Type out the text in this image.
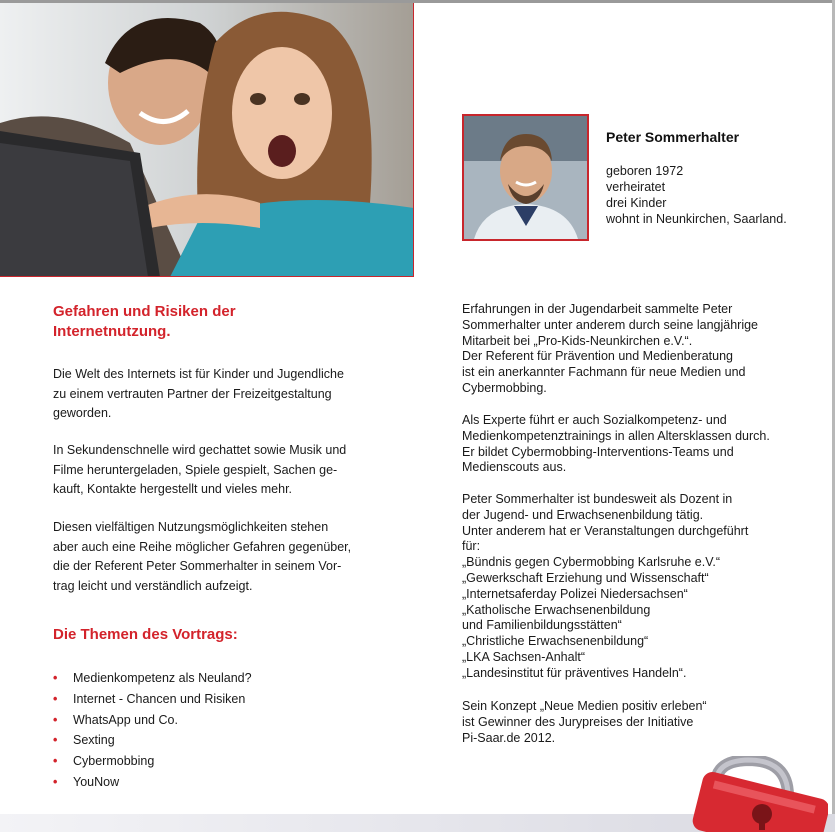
Peter Sommerhalter
geboren 1972
verheiratet
drei Kinder
wohnt in Neunkirchen, Saarland.
Gefahren und Risiken der
Internetnutzung.
Die Welt des Internets ist für Kinder und Jugendliche
zu einem vertrauten Partner der Freizeitgestaltung
geworden.
In Sekundenschnelle wird gechattet sowie Musik und
Filme heruntergeladen, Spiele gespielt, Sachen ge-
kauft, Kontakte hergestellt und vieles mehr.
Diesen vielfältigen Nutzungsmöglichkeiten stehen
aber auch eine Reihe möglicher Gefahren gegenüber,
die der Referent Peter Sommerhalter in seinem Vor-
trag leicht und verständlich aufzeigt.
Die Themen des Vortrags:
• Medienkompetenz als Neuland?
• Internet - Chancen und Risiken
• WhatsApp und Co.
• Sexting
• Cybermobbing
• YouNow
Erfahrungen in der Jugendarbeit sammelte Peter
Sommerhalter unter anderem durch seine langjährige
Mitarbeit bei „Pro-Kids-Neunkirchen e.V.“.
Der Referent für Prävention und Medienberatung
ist ein anerkannter Fachmann für neue Medien und
Cybermobbing.
Als Experte führt er auch Sozialkompetenz- und
Medienkompetenztrainings in allen Altersklassen durch.
Er bildet Cybermobbing-Interventions-Teams und
Medienscouts aus.
Peter Sommerhalter ist bundesweit als Dozent in
der Jugend- und Erwachsenenbildung tätig.
Unter anderem hat er Veranstaltungen durchgeführt
für:
„Bündnis gegen Cybermobbing Karlsruhe e.V.“
„Gewerkschaft Erziehung und Wissenschaft“
„Internetsaferday Polizei Niedersachsen“
„Katholische Erwachsenenbildung
und Familienbildungsstätten“
„Christliche Erwachsenenbildung“
„LKA Sachsen-Anhalt“
„Landesinstitut für präventives Handeln“.
Sein Konzept „Neue Medien positiv erleben“
ist Gewinner des Jurypreises der Initiative
Pi-Saar.de 2012.
